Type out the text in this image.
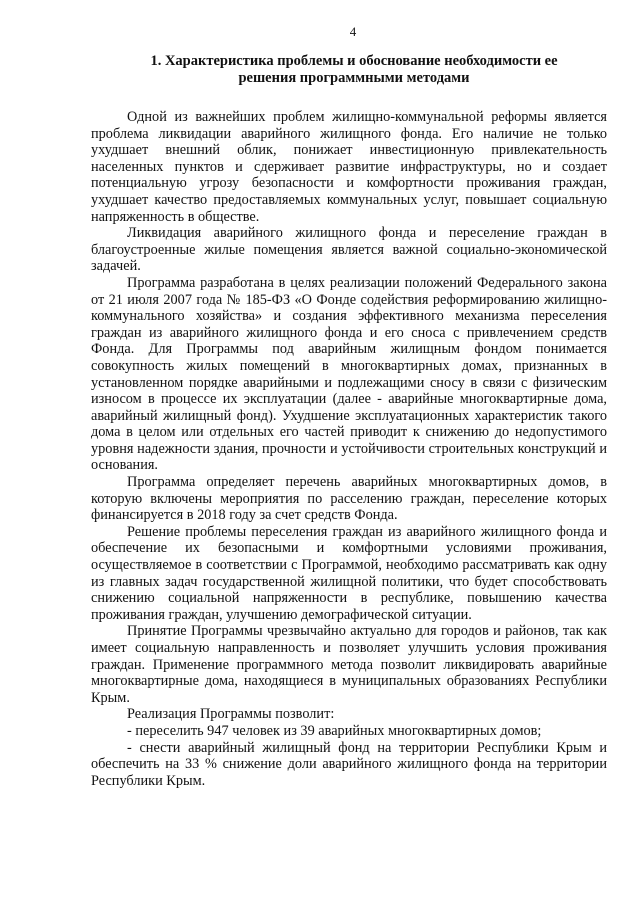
4
1. Характеристика проблемы и обоснование необходимости ее
решения программными методами

Одной из важнейших проблем жилищно-коммунальной реформы является проблема ликвидации аварийного жилищного фонда. Его наличие не только ухудшает внешний облик, понижает инвестиционную привлекательность населенных пунктов и сдерживает развитие инфраструктуры, но и создает потенциальную угрозу безопасности и комфортности проживания граждан, ухудшает качество предоставляемых коммунальных услуг, повышает социальную напряженность в обществе.

Ликвидация аварийного жилищного фонда и переселение граждан в благоустроенные жилые помещения является важной социально-экономической задачей.

Программа разработана в целях реализации положений Федерального закона от 21 июля 2007 года № 185-ФЗ «О Фонде содействия реформированию жилищно-коммунального хозяйства» и создания эффективного механизма переселения граждан из аварийного жилищного фонда и его сноса с привлечением средств Фонда. Для Программы под аварийным жилищным фондом понимается совокупность жилых помещений в многоквартирных домах, признанных в установленном порядке аварийными и подлежащими сносу в связи с физическим износом в процессе их эксплуатации (далее - аварийные многоквартирные дома, аварийный жилищный фонд). Ухудшение эксплуатационных характеристик такого дома в целом или отдельных его частей приводит к снижению до недопустимого уровня надежности здания, прочности и устойчивости строительных конструкций и основания.

Программа определяет перечень аварийных многоквартирных домов, в которую включены мероприятия по расселению граждан, переселение которых финансируется в 2018 году за счет средств Фонда.

Решение проблемы переселения граждан из аварийного жилищного фонда и обеспечение их безопасными и комфортными условиями проживания, осуществляемое в соответствии с Программой, необходимо рассматривать как одну из главных задач государственной жилищной политики, что будет способствовать снижению социальной напряженности в республике, повышению качества проживания граждан, улучшению демографической ситуации.

Принятие Программы чрезвычайно актуально для городов и районов, так как имеет социальную направленность и позволяет улучшить условия проживания граждан. Применение программного метода позволит ликвидировать аварийные многоквартирные дома, находящиеся в муниципальных образованиях Республики Крым.

Реализация Программы позволит:

- переселить 947 человек из 39 аварийных многоквартирных домов;

- снести аварийный жилищный фонд на территории Республики Крым и обеспечить на 33 % снижение доли аварийного жилищного фонда на территории Республики Крым.
